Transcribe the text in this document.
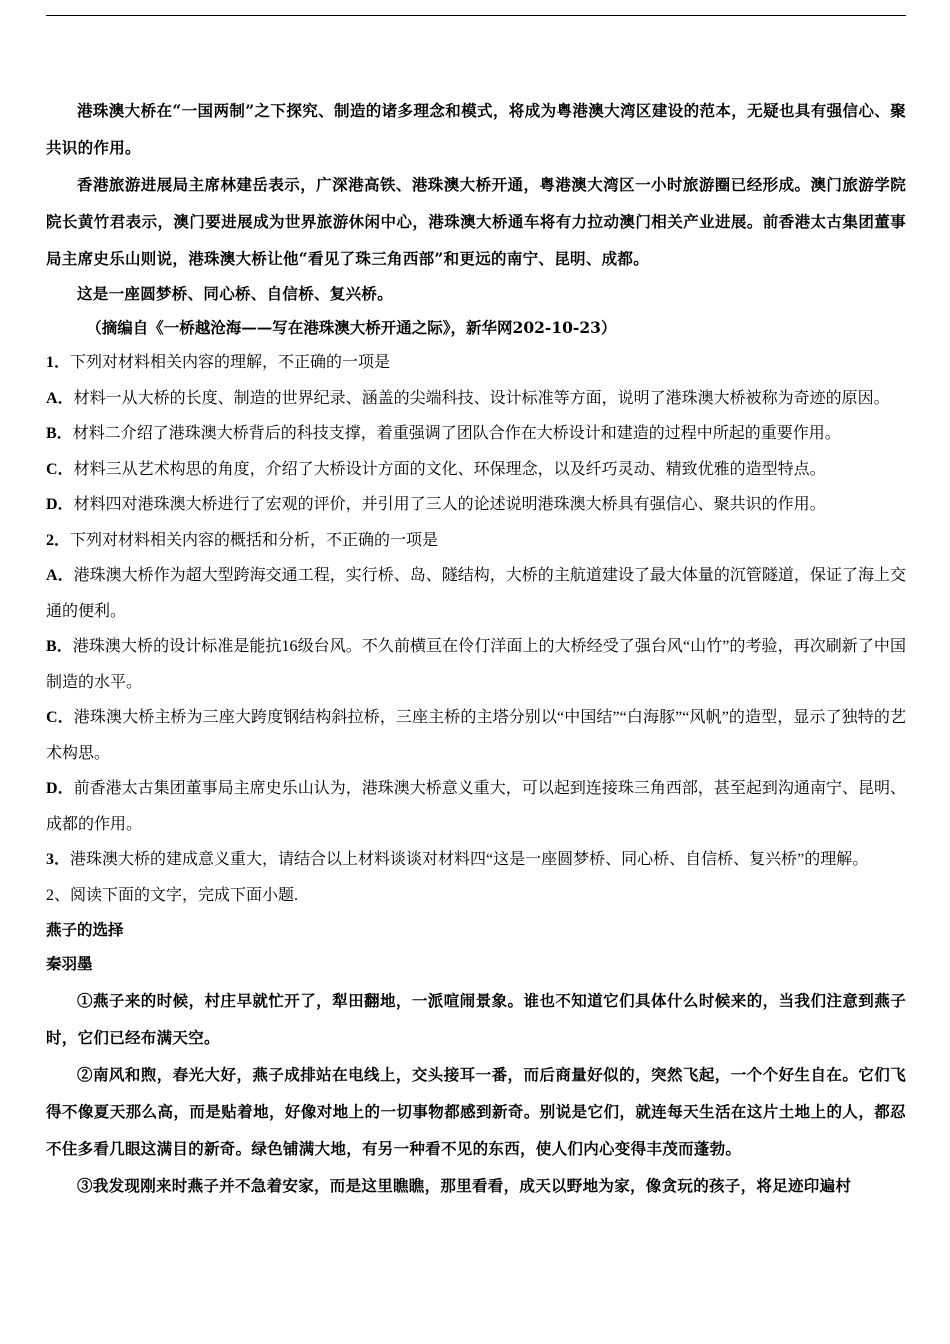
港珠澳大桥在“一国两制”之下探究、制造的诸多理念和模式，将成为粤港澳大湾区建设的范本，无疑也具有强信心、聚共识的作用。

香港旅游进展局主席林建岳表示，广深港高铁、港珠澳大桥开通，粤港澳大湾区一小时旅游圈已经形成。澳门旅游学院院长黄竹君表示，澳门要进展成为世界旅游休闲中心，港珠澳大桥通车将有力拉动澳门相关产业进展。前香港太古集团董事局主席史乐山则说，港珠澳大桥让他“看见了珠三角西部”和更远的南宁、昆明、成都。

这是一座圆梦桥、同心桥、自信桥、复兴桥。

（摘编自《一桥越沧海——写在港珠澳大桥开通之际》，新华网202-10-23）

1．下列对材料相关内容的理解，不正确的一项是

A．材料一从大桥的长度、制造的世界纪录、涵盖的尖端科技、设计标准等方面，说明了港珠澳大桥被称为奇迹的原因。

B．材料二介绍了港珠澳大桥背后的科技支撑，着重强调了团队合作在大桥设计和建造的过程中所起的重要作用。

C．材料三从艺术构思的角度，介绍了大桥设计方面的文化、环保理念，以及纤巧灵动、精致优雅的造型特点。

D．材料四对港珠澳大桥进行了宏观的评价，并引用了三人的论述说明港珠澳大桥具有强信心、聚共识的作用。

2．下列对材料相关内容的概括和分析，不正确的一项是

A．港珠澳大桥作为超大型跨海交通工程，实行桥、岛、隧结构，大桥的主航道建设了最大体量的沉管隧道，保证了海上交通的便利。

B．港珠澳大桥的设计标准是能抗16级台风。不久前横亘在伶仃洋面上的大桥经受了强台风“山竹”的考验，再次刷新了中国制造的水平。

C．港珠澳大桥主桥为三座大跨度钢结构斜拉桥，三座主桥的主塔分别以“中国结”“白海豚”“风帆”的造型，显示了独特的艺术构思。

D．前香港太古集团董事局主席史乐山认为，港珠澳大桥意义重大，可以起到连接珠三角西部，甚至起到沟通南宁、昆明、成都的作用。

3．港珠澳大桥的建成意义重大，请结合以上材料谈谈对材料四“这是一座圆梦桥、同心桥、自信桥、复兴桥”的理解。

2、阅读下面的文字，完成下面小题.

燕子的选择

秦羽墨

①燕子来的时候，村庄早就忙开了，犁田翻地，一派喧闹景象。谁也不知道它们具体什么时候来的，当我们注意到燕子时，它们已经布满天空。

②南风和煦，春光大好，燕子成排站在电线上，交头接耳一番，而后商量好似的，突然飞起，一个个好生自在。它们飞得不像夏天那么高，而是贴着地，好像对地上的一切事物都感到新奇。别说是它们，就连每天生活在这片土地上的人，都忍不住多看几眼这满目的新奇。绿色铺满大地，有另一种看不见的东西，使人们内心变得丰茂而蓬勃。

③我发现刚来时燕子并不急着安家，而是这里瞧瞧，那里看看，成天以野地为家，像贪玩的孩子，将足迹印遍村
